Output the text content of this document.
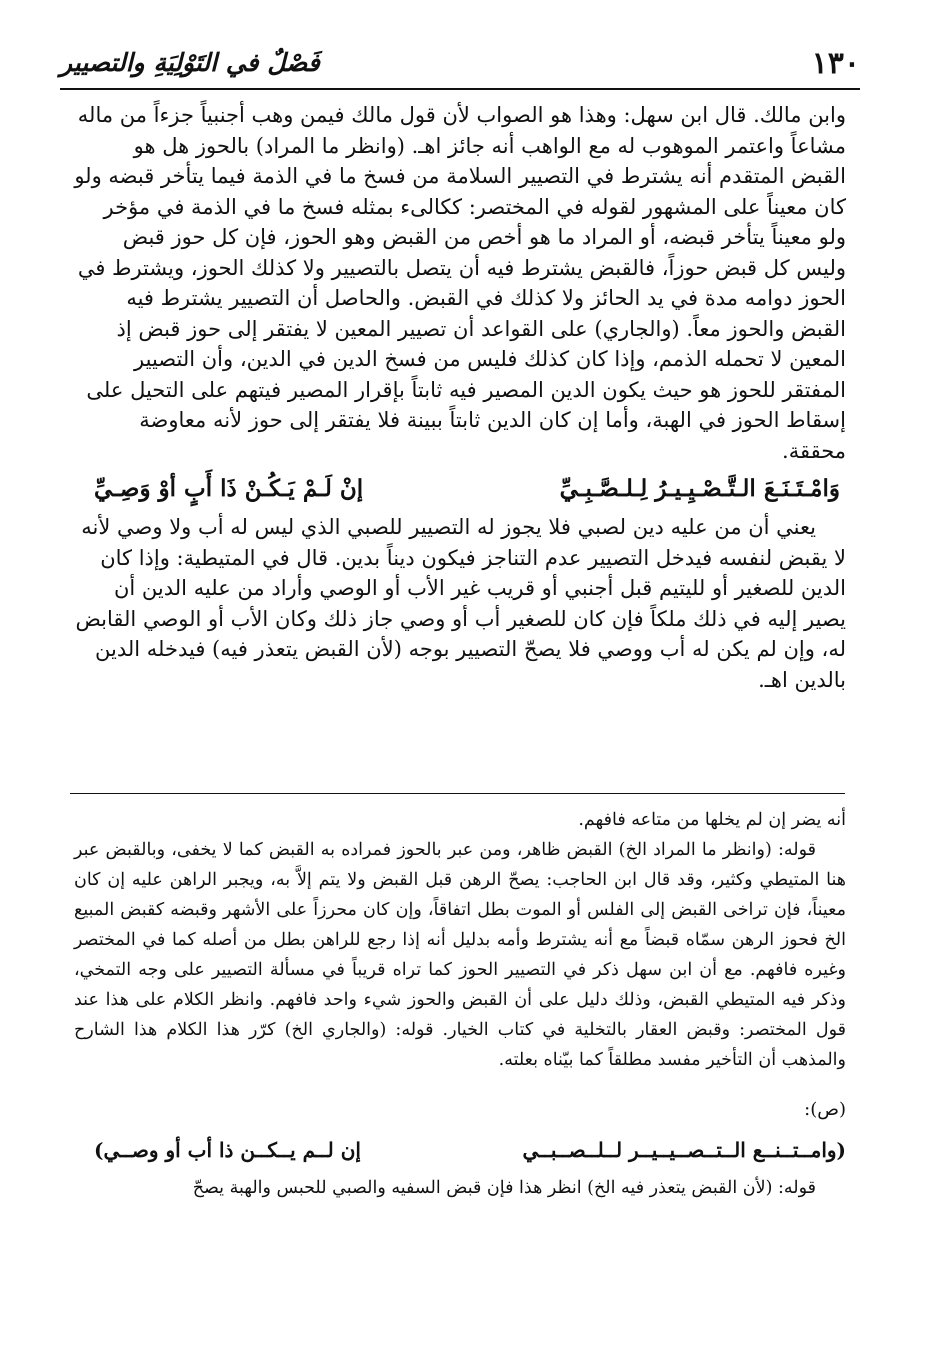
١٣٠
فَصْلٌ في التَوْلِيَةِ والتصيير

وابن مالك. قال ابن سهل: وهذا هو الصواب لأن قول مالك فيمن وهب أجنبياً جزءاً من ماله مشاعاً واعتمر الموهوب له مع الواهب أنه جائز اهـ. (وانظر ما المراد) بالحوز هل هو القبض المتقدم أنه يشترط في التصيير السلامة من فسخ ما في الذمة فيما يتأخر قبضه ولو كان معيناً على المشهور لقوله في المختصر: ككالىء بمثله فسخ ما في الذمة في مؤخر ولو معيناً يتأخر قبضه، أو المراد ما هو أخص من القبض وهو الحوز، فإن كل حوز قبض وليس كل قبض حوزاً، فالقبض يشترط فيه أن يتصل بالتصيير ولا كذلك الحوز، ويشترط في الحوز دوامه مدة في يد الحائز ولا كذلك في القبض. والحاصل أن التصيير يشترط فيه القبض والحوز معاً. (والجاري) على القواعد أن تصيير المعين لا يفتقر إلى حوز قبض إذ المعين لا تحمله الذمم، وإذا كان كذلك فليس من فسخ الدين في الدين، وأن التصيير المفتقر للحوز هو حيث يكون الدين المصير فيه ثابتاً بإقرار المصير فيتهم على التحيل على إسقاط الحوز في الهبة، وأما إن كان الدين ثابتاً ببينة فلا يفتقر إلى حوز لأنه معاوضة محققة.

وَامْـتَـنَـعَ الـتَّـصْـيِـيـرُ لِـلـصَّـبِـيِّ
إنْ لَـمْ يَـكُـنْ ذَا أَبٍ أوْ وَصِـيِّ

يعني أن من عليه دين لصبي فلا يجوز له التصيير للصبي الذي ليس له أب ولا وصي لأنه لا يقبض لنفسه فيدخل التصيير عدم التناجز فيكون ديناً بدين. قال في المتيطية: وإذا كان الدين للصغير أو لليتيم قبل أجنبي أو قريب غير الأب أو الوصي وأراد من عليه الدين أن يصير إليه في ذلك ملكاً فإن كان للصغير أب أو وصي جاز ذلك وكان الأب أو الوصي القابض له، وإن لم يكن له أب ووصي فلا يصحّ التصيير بوجه (لأن القبض يتعذر فيه) فيدخله الدين بالدين اهـ.

أنه يضر إن لم يخلها من متاعه فافهم.

قوله: (وانظر ما المراد الخ) القبض ظاهر، ومن عبر بالحوز فمراده به القبض كما لا يخفى، وبالقبض عبر هنا المتيطي وكثير، وقد قال ابن الحاجب: يصحّ الرهن قبل القبض ولا يتم إلاَّ به، ويجبر الراهن عليه إن كان معيناً، فإن تراخى القبض إلى الفلس أو الموت بطل اتفاقاً، وإن كان محرزاً على الأشهر وقبضه كقبض المبيع الخ فحوز الرهن سمّاه قبضاً مع أنه يشترط وأمه بدليل أنه إذا رجع للراهن بطل من أصله كما في المختصر وغيره فافهم. مع أن ابن سهل ذكر في التصيير الحوز كما تراه قريباً في مسألة التصيير على وجه التمخي، وذكر فيه المتيطي القبض، وذلك دليل على أن القبض والحوز شيء واحد فافهم. وانظر الكلام على هذا عند قول المختصر: وقبض العقار بالتخلية في كتاب الخيار. قوله: (والجاري الخ) كرّر هذا الكلام هذا الشارح والمذهب أن التأخير مفسد مطلقاً كما بيّناه بعلته.

(ص):

(وامــتــنــع الــتــصــيــيــر لــلــصــبــي
إن لــم يــكــن ذا أب أو وصــي)

قوله: (لأن القبض يتعذر فيه الخ) انظر هذا فإن قبض السفيه والصبي للحبس والهبة يصحّ
